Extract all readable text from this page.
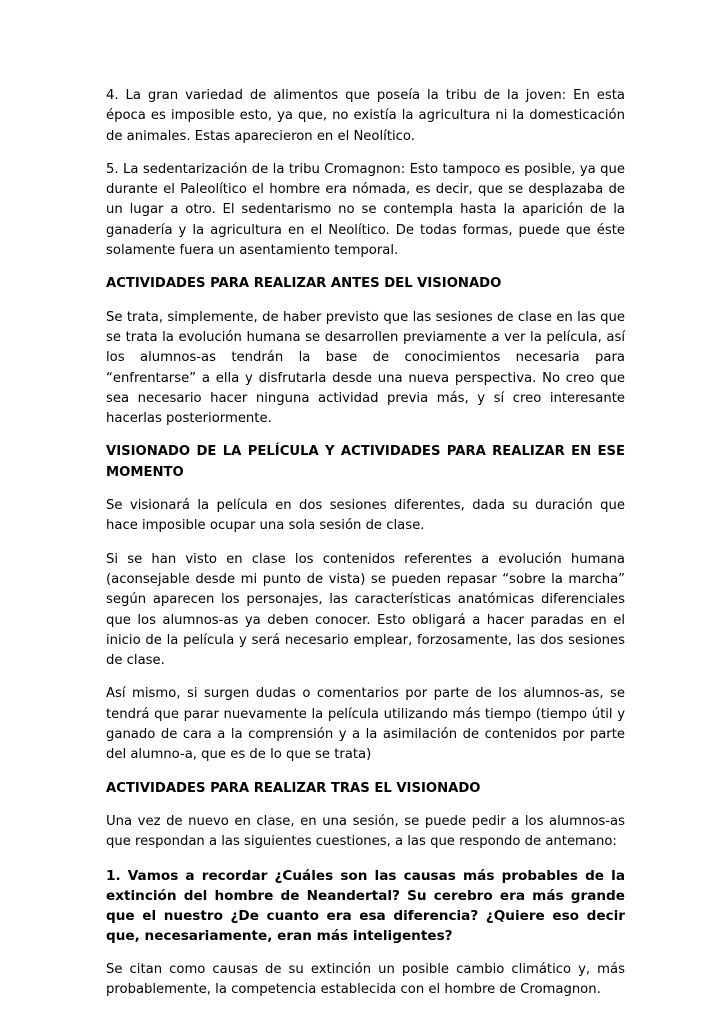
4. La gran variedad de alimentos que poseía la tribu de la joven: En esta época es imposible esto, ya que, no existía la agricultura ni la domesticación de animales. Estas aparecieron en el Neolítico.

5. La sedentarización de la tribu Cromagnon: Esto tampoco es posible, ya que durante el Paleolítico el hombre era nómada, es decir, que se desplazaba de un lugar a otro. El sedentarismo no se contempla hasta la aparición de la ganadería y la agricultura en el Neolítico. De todas formas, puede que éste solamente fuera un asentamiento temporal.

ACTIVIDADES PARA REALIZAR ANTES DEL VISIONADO

Se trata, simplemente, de haber previsto que las sesiones de clase en las que se trata la evolución humana se desarrollen previamente a ver la película, así los alumnos-as tendrán la base de conocimientos necesaria para “enfrentarse” a ella y disfrutarla desde una nueva perspectiva. No creo que sea necesario hacer ninguna actividad previa más, y sí creo interesante hacerlas posteriormente.

VISIONADO DE LA PELÍCULA Y ACTIVIDADES PARA REALIZAR EN ESE MOMENTO

Se visionará la película en dos sesiones diferentes, dada su duración que hace imposible ocupar una sola sesión de clase.

Si se han visto en clase los contenidos referentes a evolución humana (aconsejable desde mi punto de vista) se pueden repasar “sobre la marcha” según aparecen los personajes, las características anatómicas diferenciales que los alumnos-as ya deben conocer. Esto obligará a hacer paradas en el inicio de la película y será necesario emplear, forzosamente, las dos sesiones de clase.

Así mismo, si surgen dudas o comentarios por parte de los alumnos-as, se tendrá que parar nuevamente la película utilizando más tiempo (tiempo útil y ganado de cara a la comprensión y a la asimilación de contenidos por parte del alumno-a, que es de lo que se trata)

ACTIVIDADES PARA REALIZAR TRAS EL VISIONADO

Una vez de nuevo en clase, en una sesión, se puede pedir a los alumnos-as que respondan a las siguientes cuestiones, a las que respondo de antemano:

1. Vamos a recordar ¿Cuáles son las causas más probables de la extinción del hombre de Neandertal? Su cerebro era más grande que el nuestro ¿De cuanto era esa diferencia? ¿Quiere eso decir que, necesariamente, eran más inteligentes?

Se citan como causas de su extinción un posible cambio climático y, más probablemente, la competencia establecida con el hombre de Cromagnon.
